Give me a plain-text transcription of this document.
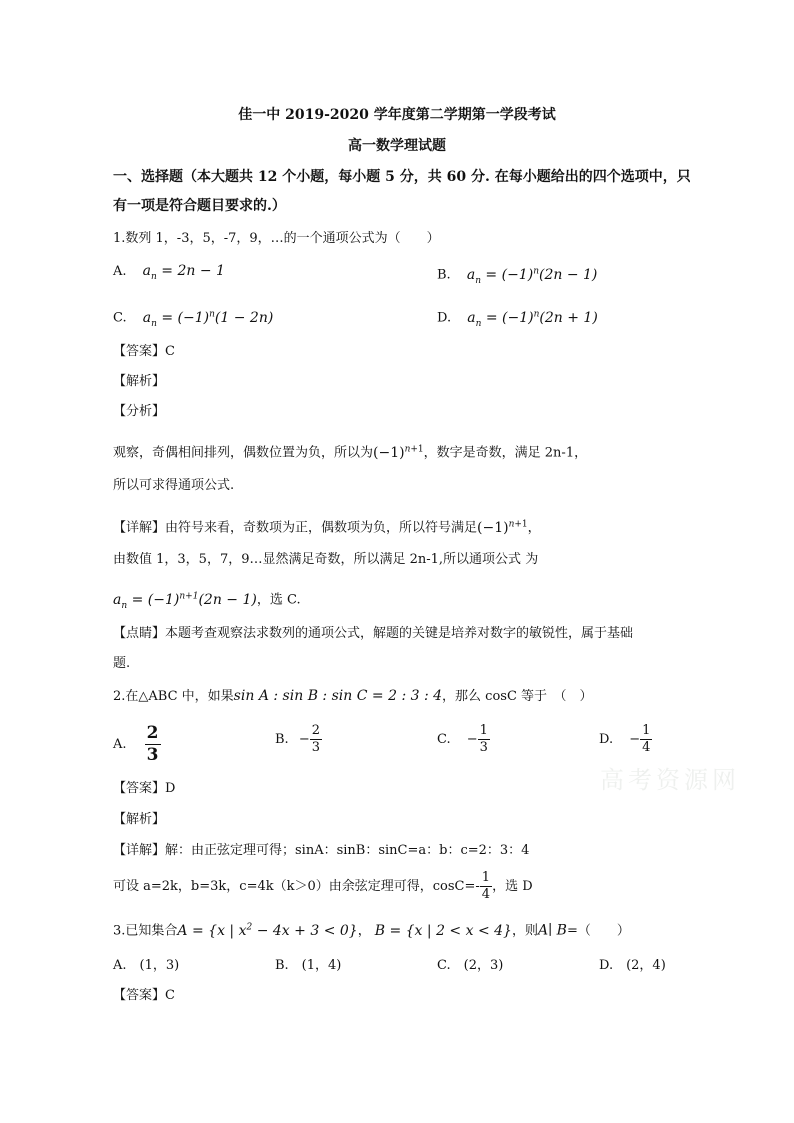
佳一中 2019-2020 学年度第二学期第一学段考试
高一数学理试题
一、选择题（本大题共 12 个小题，每小题 5 分，共 60 分. 在每小题给出的四个选项中，只
有一项是符合题目要求的.）
1.数列 1，-3，5，-7，9，…的一个通项公式为（　　）
A. $a_n = 2n - 1$	B. $a_n = (-1)^n(2n - 1)$
C. $a_n = (-1)^n(1 - 2n)$	D. $a_n = (-1)^n(2n + 1)$
【答案】C
【解析】
【分析】
观察，奇偶相间排列，偶数位置为负，所以为$(-1)^{n+1}$，数字是奇数，满足 2n-1，
所以可求得通项公式.
【详解】由符号来看，奇数项为正，偶数项为负，所以符号满足$(-1)^{n+1}$，
由数值 1，3，5，7，9…显然满足奇数，所以满足 2n-1,所以通项公式 为
$a_n = (-1)^{n+1}(2n - 1)$，选 C.
【点睛】本题考查观察法求数列的通项公式，解题的关键是培养对数字的敏锐性，属于基础
题.
2.在△ABC 中，如果sin A : sin B : sin C = 2 : 3 : 4，那么 cosC 等于　（　）
A. $\frac{2}{3}$	B. − $\frac{2}{3}$	C. − $\frac{1}{3}$	D. − $\frac{1}{4}$
【答案】D
【解析】
【详解】解：由正弦定理可得；sinA：sinB：sinC=a：b：c=2：3：4
可设 a=2k，b=3k，c=4k（k＞0）由余弦定理可得，$\cos C=- \frac{1}{4}$ ，选 D
3.已知集合A = {x | $x^2 - 4x + 3 < 0$}， B = {x | 2 < x < 4}，则A∣ B=（　　）
A.　(1，3)	B.　(1，4)	C.　(2，3)	D.　(2，4)
【答案】C
高考资源网
